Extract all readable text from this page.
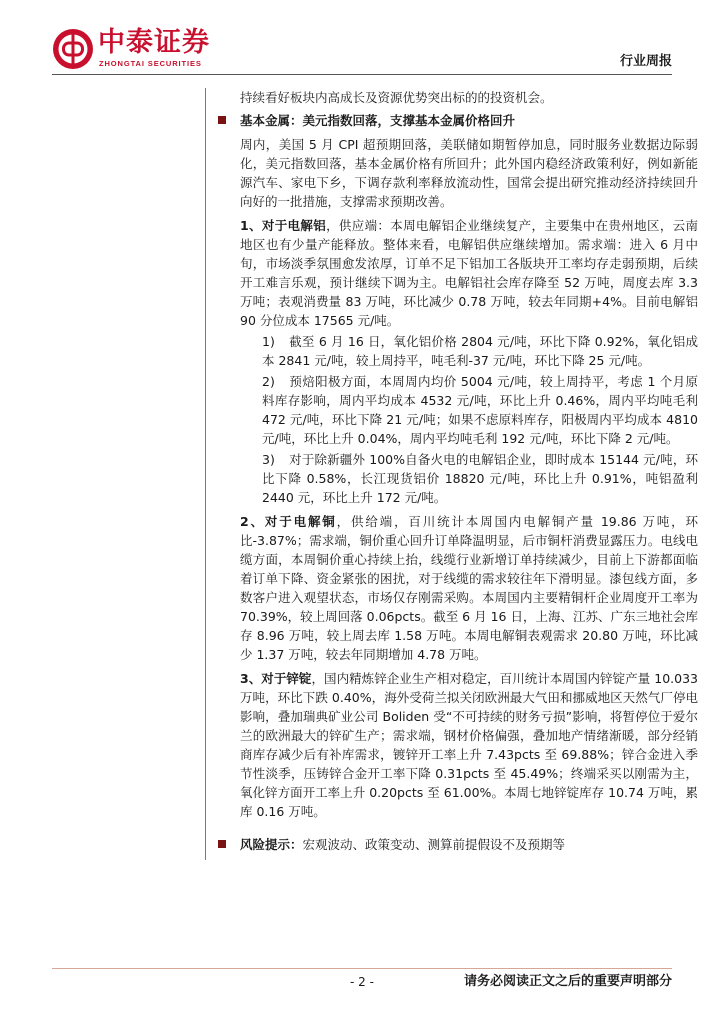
中泰证券
ZHONGTAI SECURITIES	行业周报

持续看好板块内高成长及资源优势突出标的的投资机会。

基本金属：美元指数回落，支撑基本金属价格回升

周内，美国 5 月 CPI 超预期回落，美联储如期暂停加息，同时服务业数据边际弱化，美元指数回落，基本金属价格有所回升；此外国内稳经济政策利好，例如新能源汽车、家电下乡，下调存款利率释放流动性，国常会提出研究推动经济持续回升向好的一批措施，支撑需求预期改善。

1、对于电解铝，供应端：本周电解铝企业继续复产，主要集中在贵州地区，云南地区也有少量产能释放。整体来看，电解铝供应继续增加。需求端：进入 6 月中旬，市场淡季氛围愈发浓厚，订单不足下铝加工各版块开工率均存走弱预期，后续开工难言乐观，预计继续下调为主。电解铝社会库存降至 52 万吨，周度去库 3.3 万吨；表观消费量 83 万吨，环比减少 0.78 万吨，较去年同期+4%。目前电解铝 90 分位成本 17565 元/吨。

1) 截至 6 月 16 日，氧化铝价格 2804 元/吨，环比下降 0.92%，氧化铝成本 2841 元/吨，较上周持平，吨毛利-37 元/吨，环比下降 25 元/吨。

2) 预焙阳极方面，本周周内均价 5004 元/吨，较上周持平，考虑 1 个月原料库存影响，周内平均成本 4532 元/吨，环比上升 0.46%，周内平均吨毛利 472 元/吨，环比下降 21 元/吨；如果不虑原料库存，阳极周内平均成本 4810 元/吨，环比上升 0.04%，周内平均吨毛利 192 元/吨，环比下降 2 元/吨。

3) 对于除新疆外 100%自备火电的电解铝企业，即时成本 15144 元/吨，环比下降 0.58%，长江现货铝价 18820 元/吨，环比上升 0.91%，吨铝盈利 2440 元，环比上升 172 元/吨。

2、对于电解铜，供给端，百川统计本周国内电解铜产量 19.86 万吨，环比-3.87%；需求端，铜价重心回升订单降温明显，后市铜杆消费显露压力。电线电缆方面，本周铜价重心持续上抬，线缆行业新增订单持续减少，目前上下游都面临着订单下降、资金紧张的困扰，对于线缆的需求较往年下滑明显。漆包线方面，多数客户进入观望状态，市场仅存刚需采购。本周国内主要精铜杆企业周度开工率为 70.39%，较上周回落 0.06pcts。截至 6 月 16 日，上海、江苏、广东三地社会库存 8.96 万吨，较上周去库 1.58 万吨。本周电解铜表观需求 20.80 万吨，环比减少 1.37 万吨，较去年同期增加 4.78 万吨。

3、对于锌锭，国内精炼锌企业生产相对稳定，百川统计本周国内锌锭产量 10.033 万吨，环比下跌 0.40%，海外受荷兰拟关闭欧洲最大气田和挪威地区天然气厂停电影响，叠加瑞典矿业公司 Boliden 受“不可持续的财务亏损”影响，将暂停位于爱尔兰的欧洲最大的锌矿生产；需求端，钢材价格偏强，叠加地产情绪渐暖，部分经销商库存减少后有补库需求，镀锌开工率上升 7.43pcts 至 69.88%；锌合金进入季节性淡季，压铸锌合金开工率下降 0.31pcts 至 45.49%；终端采买以刚需为主，氧化锌方面开工率上升 0.20pcts 至 61.00%。本周七地锌锭库存 10.74 万吨，累库 0.16 万吨。

风险提示：宏观波动、政策变动、测算前提假设不及预期等
- 2 -	请务必阅读正文之后的重要声明部分
